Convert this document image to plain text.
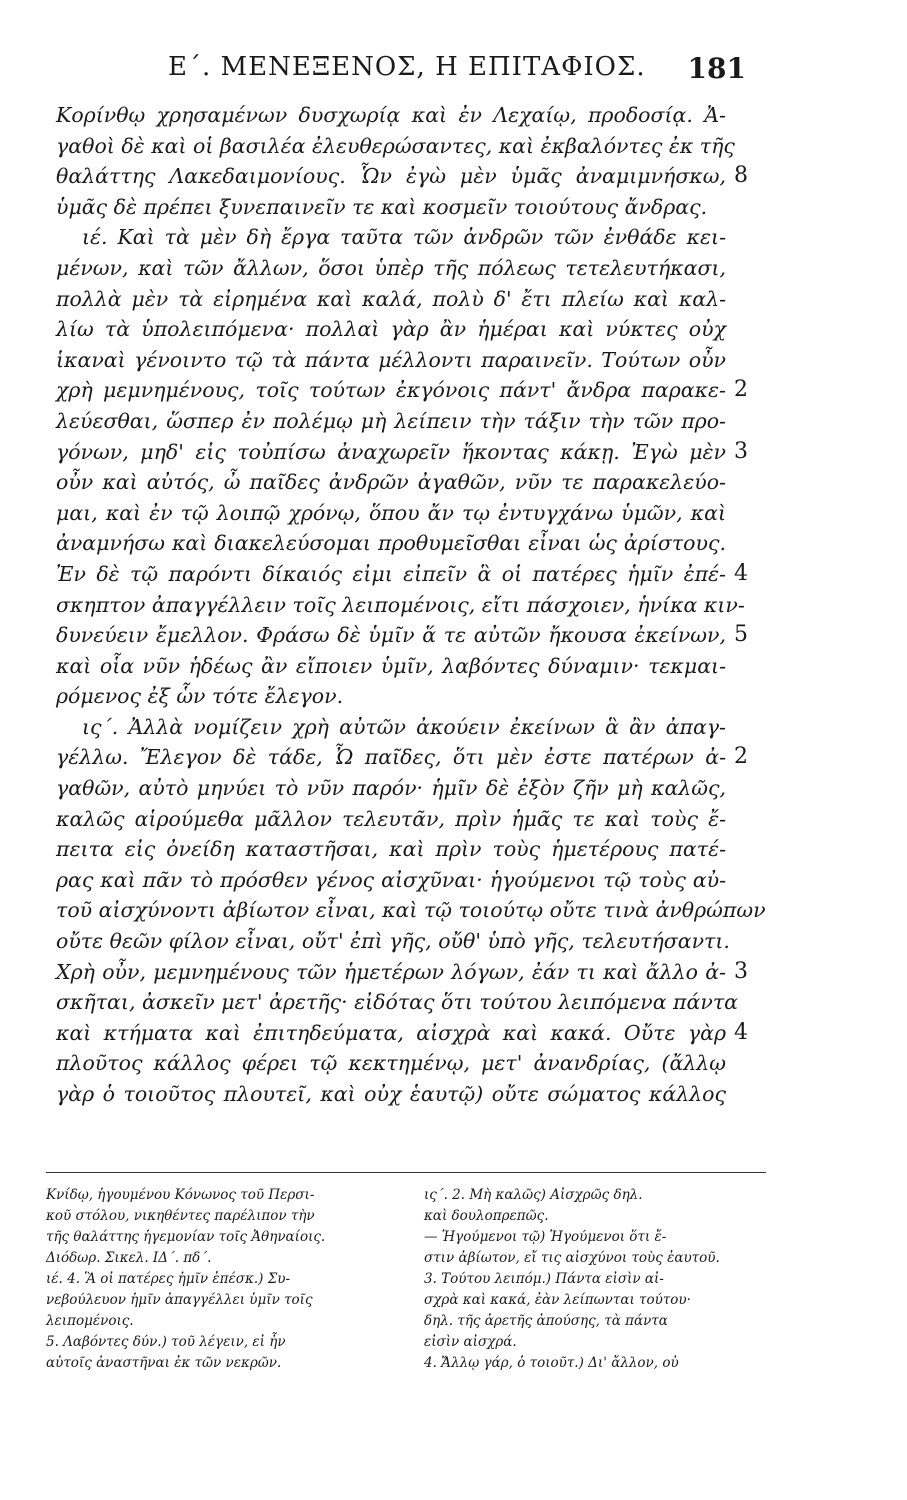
Ε΄. ΜΕΝΕΞΕΝΟΣ, Η ΕΠΙΤΑΦΙΟΣ. 181
Κορίνθῳ χρησαμένων δυσχωρίᾳ καὶ ἐν Λεχαίῳ, προδοσίᾳ. Ἀ-
γαθοὶ δὲ καὶ οἱ βασιλέα ἐλευθερώσαντες, καὶ ἐκβαλόντες ἐκ τῆς
θαλάττης Λακεδαιμονίους. Ὧν ἐγὼ μὲν ὑμᾶς ἀναμιμνήσκω, 8
ὑμᾶς δὲ πρέπει ξυνεπαινεῖν τε καὶ κοσμεῖν τοιούτους ἄνδρας.
ιέ. Καὶ τὰ μὲν δὴ ἔργα ταῦτα τῶν ἀνδρῶν τῶν ἐνθάδε κει-
μένων, καὶ τῶν ἄλλων, ὅσοι ὑπὲρ τῆς πόλεως τετελευτήκασι,
πολλὰ μὲν τὰ εἰρημένα καὶ καλά, πολὺ δ' ἔτι πλείω καὶ καλ-
λίω τὰ ὑπολειπόμενα· πολλαὶ γὰρ ἂν ἡμέραι καὶ νύκτες οὐχ
ἱκαναὶ γένοιντο τῷ τὰ πάντα μέλλοντι παραινεῖν. Τούτων οὖν
χρὴ μεμνημένους, τοῖς τούτων ἐκγόνοις πάντ' ἄνδρα παρακε- 2
λεύεσθαι, ὥσπερ ἐν πολέμῳ μὴ λείπειν τὴν τάξιν τὴν τῶν προ-
γόνων, μηδ' εἰς τοὐπίσω ἀναχωρεῖν ἥκοντας κάκῃ. Ἐγὼ μὲν 3
οὖν καὶ αὐτός, ὦ παῖδες ἀνδρῶν ἀγαθῶν, νῦν τε παρακελεύο-
μαι, καὶ ἐν τῷ λοιπῷ χρόνῳ, ὅπου ἄν τῳ ἐντυγχάνω ὑμῶν, καὶ
ἀναμνήσω καὶ διακελεύσομαι προθυμεῖσθαι εἶναι ὡς ἀρίστους.
Ἐν δὲ τῷ παρόντι δίκαιός εἰμι εἰπεῖν ἃ οἱ πατέρες ἡμῖν ἐπέ- 4
σκηπτον ἀπαγγέλλειν τοῖς λειπομένοις, εἴτι πάσχοιεν, ἡνίκα κιν-
δυνεύειν ἔμελλον. Φράσω δὲ ὑμῖν ἅ τε αὐτῶν ἤκουσα ἐκείνων, 5
καὶ οἷα νῦν ἡδέως ἂν εἴποιεν ὑμῖν, λαβόντες δύναμιν· τεκμαι-
ρόμενος ἐξ ὧν τότε ἔλεγον.
ις΄. Ἀλλὰ νομίζειν χρὴ αὐτῶν ἀκούειν ἐκείνων ἃ ἂν ἀπαγ-
γέλλω. Ἔλεγον δὲ τάδε, Ὦ παῖδες, ὅτι μὲν ἐστε πατέρων ἀ- 2
γαθῶν, αὐτὸ μηνύει τὸ νῦν παρόν· ἡμῖν δὲ ἐξὸν ζῆν μὴ καλῶς,
καλῶς αἱρούμεθα μᾶλλον τελευτᾶν, πρὶν ἡμᾶς τε καὶ τοὺς ἔ-
πειτα εἰς ὀνείδη καταστῆσαι, καὶ πρὶν τοὺς ἡμετέρους πατέ-
ρας καὶ πᾶν τὸ πρόσθεν γένος αἰσχῦναι· ἡγούμενοι τῷ τοὺς αὐ-
τοῦ αἰσχύνοντι ἀβίωτον εἶναι, καὶ τῷ τοιούτῳ οὔτε τινὰ ἀνθρώπων
οὔτε θεῶν φίλον εἶναι, οὔτ' ἐπὶ γῆς, οὔθ' ὑπὸ γῆς, τελευτήσαντι.
Χρὴ οὖν, μεμνημένους τῶν ἡμετέρων λόγων, ἐάν τι καὶ ἄλλο ἀ- 3
σκῆται, ἀσκεῖν μετ' ἀρετῆς· εἰδότας ὅτι τούτου λειπόμενα πάντα
καὶ κτήματα καὶ ἐπιτηδεύματα, αἰσχρὰ καὶ κακά. Οὔτε γὰρ 4
πλοῦτος κάλλος φέρει τῷ κεκτημένῳ, μετ' ἀνανδρίας, (ἄλλῳ
γὰρ ὁ τοιοῦτος πλουτεῖ, καὶ οὐχ ἑαυτῷ) οὔτε σώματος κάλλος
Κνίδῳ, ἡγουμένου Κόνωνος τοῦ Περσι-
κοῦ στόλου, νικηθέντες παρέλιπον τὴν
τῆς θαλάττης ἡγεμονίαν τοῖς Ἀθηναίοις.
Διόδωρ. Σικελ. ΙΔ΄. πδ΄.
ιέ. 4. Ἃ οἱ πατέρες ἡμῖν ἐπέσκ.) Συ-
νεβούλευον ἡμῖν ἀπαγγέλλει ὑμῖν τοῖς
λειπομένοις.
5. Λαβόντες δύν.) τοῦ λέγειν, εἰ ἦν
αὐτοῖς ἀναστῆναι ἐκ τῶν νεκρῶν.
ις΄. 2. Μὴ καλῶς) Αἰσχρῶς δηλ.
καὶ δουλοπρεπῶς.
— Ἡγούμενοι τῷ) Ἡγούμενοι ὅτι ἔ-
στιν ἀβίωτον, εἴ τις αἰσχύνοι τοὺς ἑαυτοῦ.
3. Τούτου λειπόμ.) Πάντα εἰσὶν αἰ-
σχρὰ καὶ κακά, ἐὰν λείπωνται τούτου·
δηλ. τῆς ἀρετῆς ἀπούσης, τὰ πάντα
εἰσὶν αἰσχρά.
4. Ἄλλῳ γάρ, ὁ τοιοῦτ.) Δι' ἄλλον, οὐ
